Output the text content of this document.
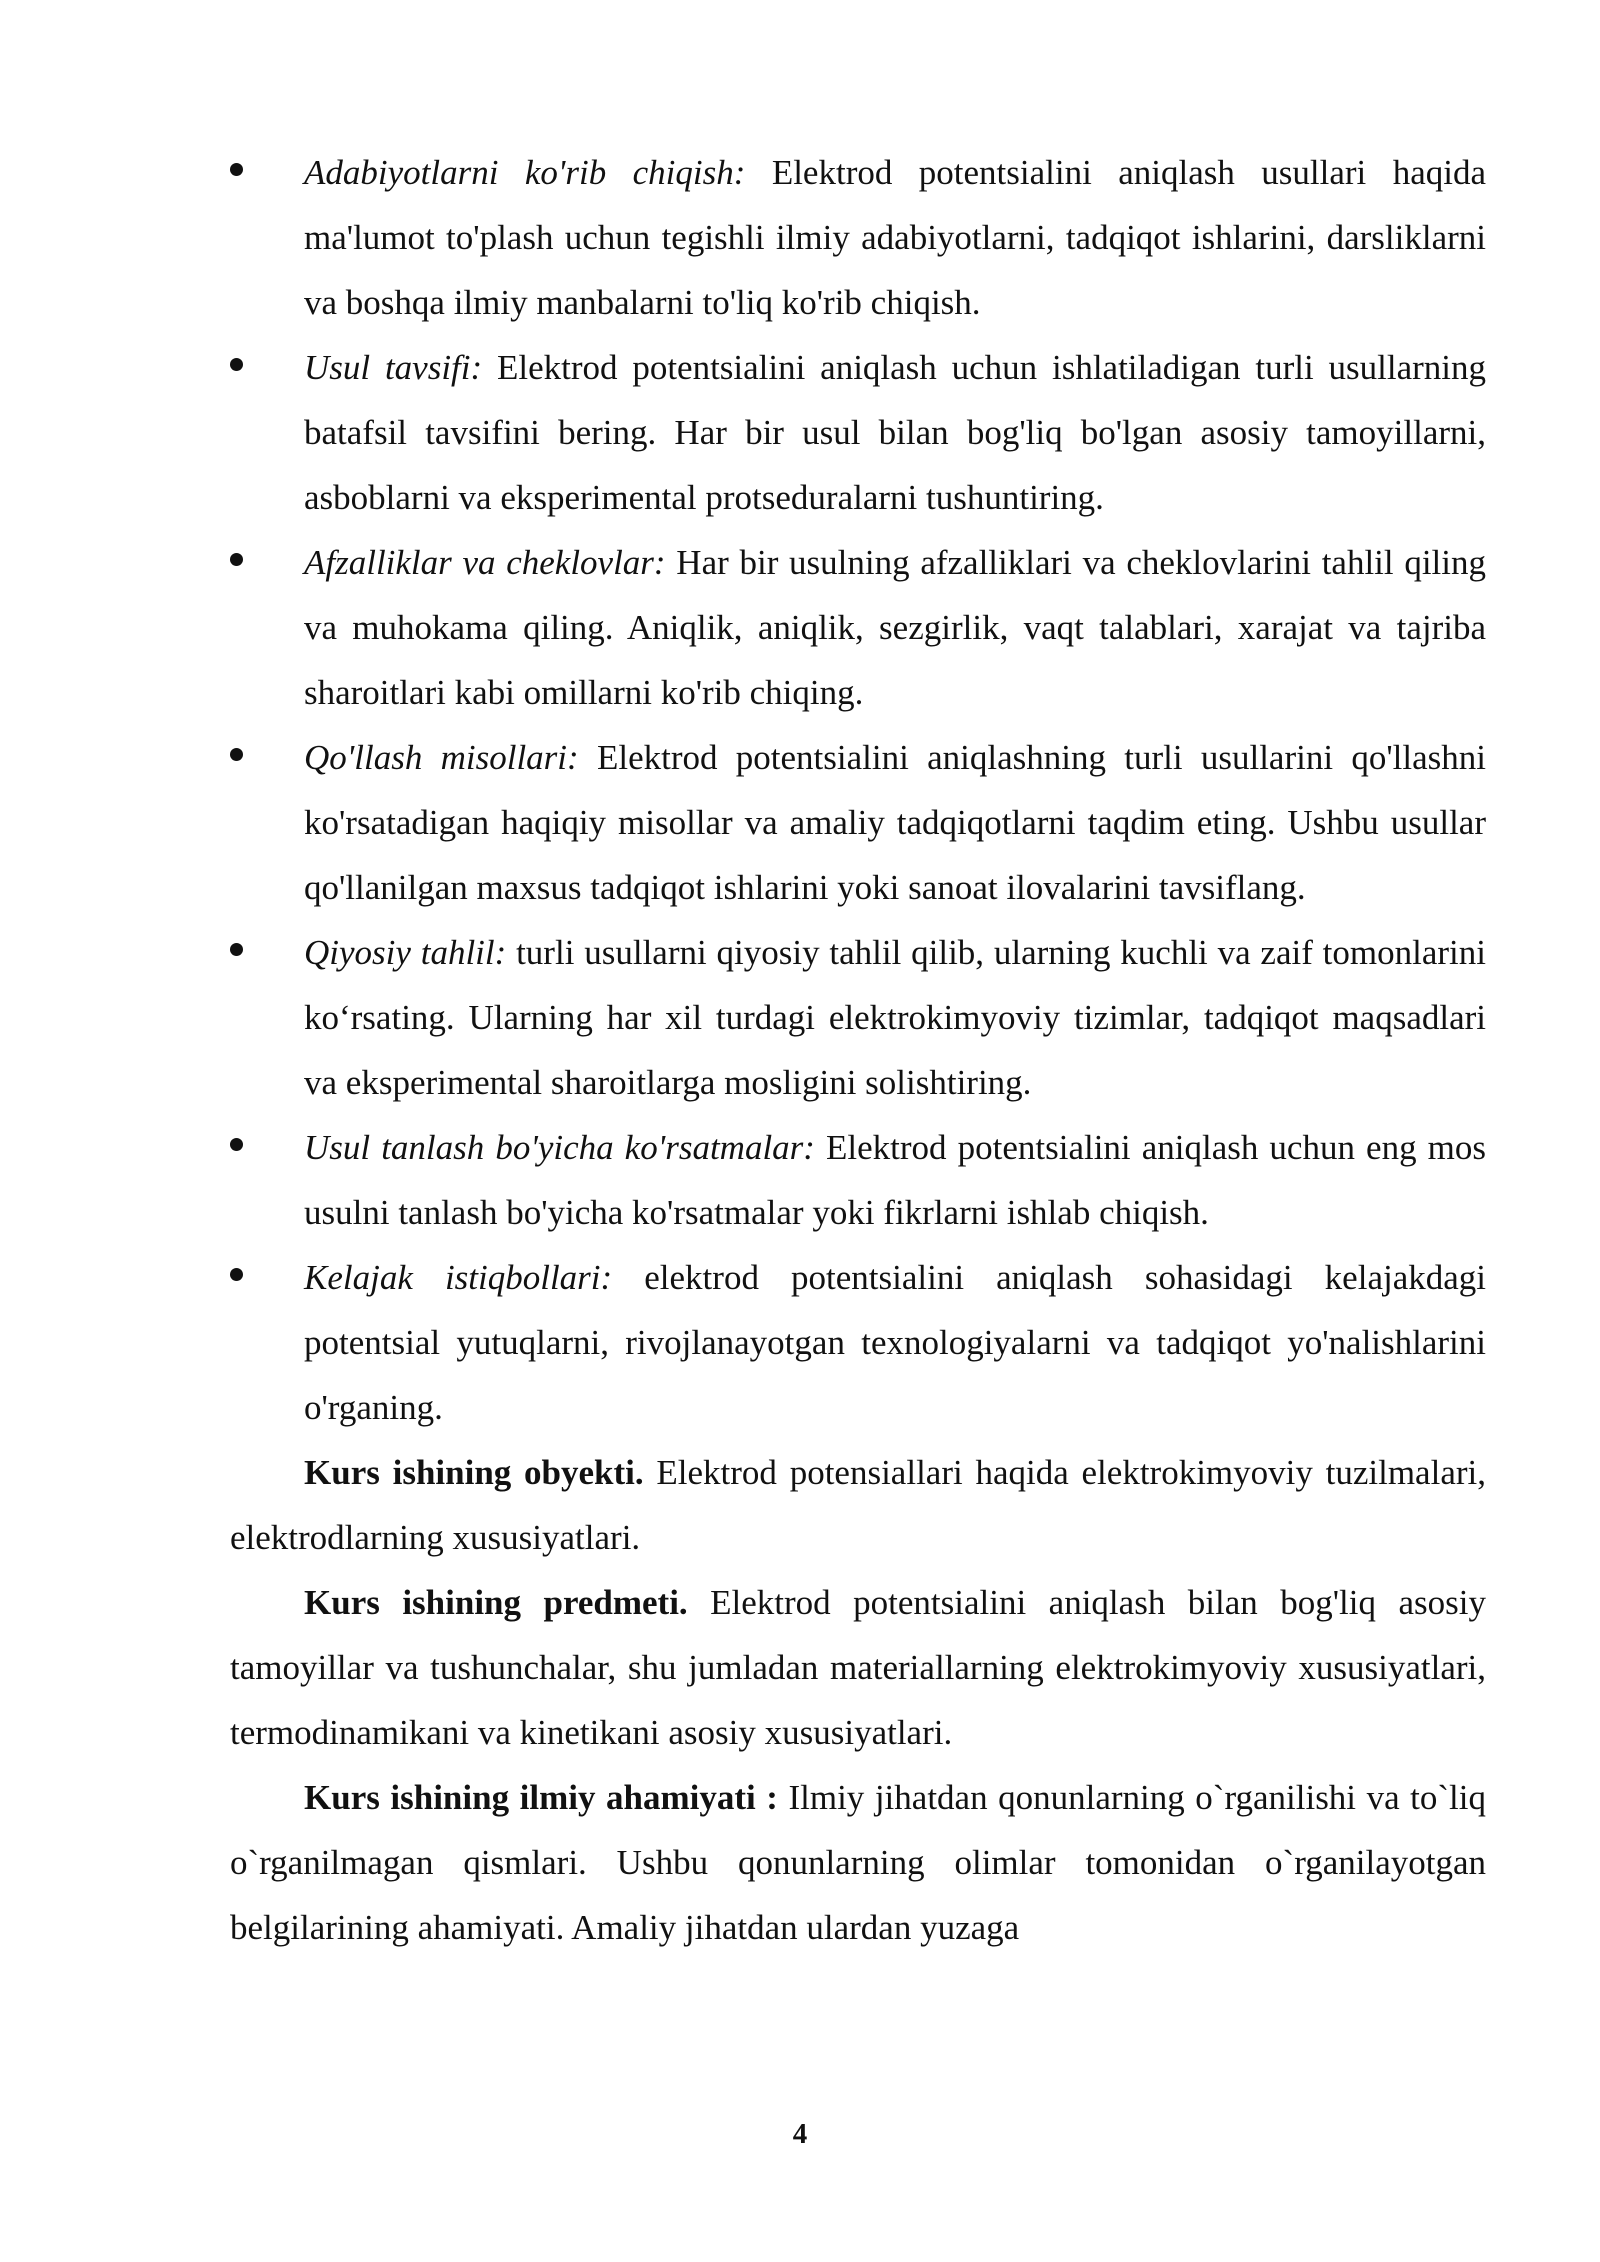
Adabiyotlarni ko'rib chiqish: Elektrod potentsialini aniqlash usullari haqida ma'lumot to'plash uchun tegishli ilmiy adabiyotlarni, tadqiqot ishlarini, darsliklarni va boshqa ilmiy manbalarni to'liq ko'rib chiqish.
Usul tavsifi: Elektrod potentsialini aniqlash uchun ishlatiladigan turli usullarning batafsil tavsifini bering. Har bir usul bilan bog'liq bo'lgan asosiy tamoyillarni, asboblarni va eksperimental protseduralarni tushuntiring.
Afzalliklar va cheklovlar: Har bir usulning afzalliklari va cheklovlarini tahlil qiling va muhokama qiling. Aniqlik, aniqlik, sezgirlik, vaqt talablari, xarajat va tajriba sharoitlari kabi omillarni ko'rib chiqing.
Qo'llash misollari: Elektrod potentsialini aniqlashning turli usullarini qo'llashni ko'rsatadigan haqiqiy misollar va amaliy tadqiqotlarni taqdim eting. Ushbu usullar qo'llanilgan maxsus tadqiqot ishlarini yoki sanoat ilovalarini tavsiflang.
Qiyosiy tahlil: turli usullarni qiyosiy tahlil qilib, ularning kuchli va zaif tomonlarini ko‘rsating. Ularning har xil turdagi elektrokimyoviy tizimlar, tadqiqot maqsadlari va eksperimental sharoitlarga mosligini solishtiring.
Usul tanlash bo'yicha ko'rsatmalar: Elektrod potentsialini aniqlash uchun eng mos usulni tanlash bo'yicha ko'rsatmalar yoki fikrlarni ishlab chiqish.
Kelajak istiqbollari: elektrod potentsialini aniqlash sohasidagi kelajakdagi potentsial yutuqlarni, rivojlanayotgan texnologiyalarni va tadqiqot yo'nalishlarini o'rganing.

Kurs ishining obyekti. Elektrod potensiallari haqida elektrokimyoviy tuzilmalari, elektrodlarning xususiyatlari.

Kurs ishining predmeti. Elektrod potentsialini aniqlash bilan bog'liq asosiy tamoyillar va tushunchalar, shu jumladan materiallarning elektrokimyoviy xususiyatlari, termodinamikani va kinetikani asosiy xususiyatlari.

Kurs ishining ilmiy ahamiyati : Ilmiy jihatdan qonunlarning o`rganilishi va to`liq o`rganilmagan qismlari. Ushbu qonunlarning olimlar tomonidan o`rganilayotgan belgilarining ahamiyati. Amaliy jihatdan ulardan yuzaga

4
